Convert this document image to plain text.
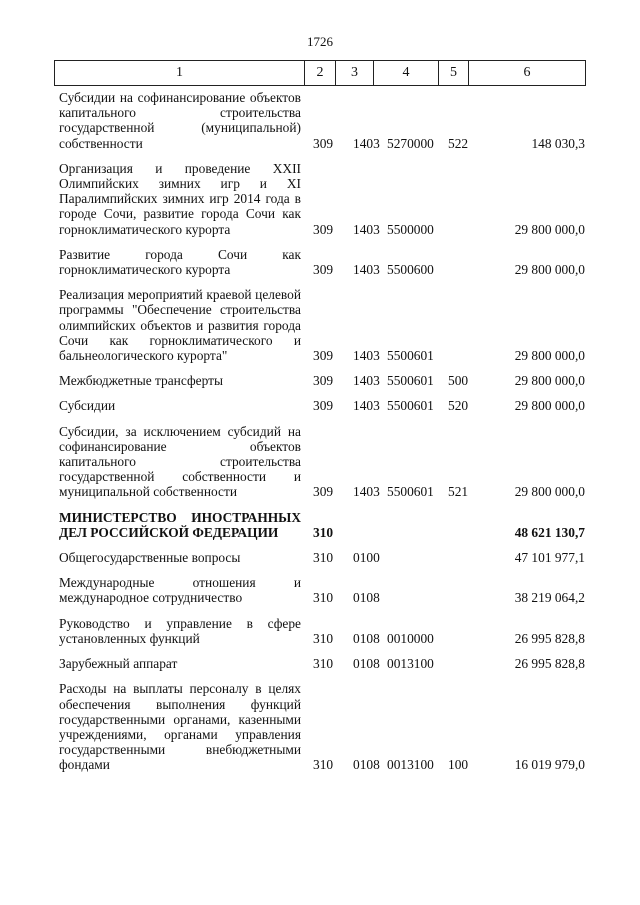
1726
1	2	3	4	5	6
Субсидии на софинансирование объектов капитального строительства государственной (муниципальной) собственности	309	1403	5270000	522	148 030,3

Организация и проведение XXII Олимпийских зимних игр и XI Паралимпийских зимних игр 2014 года в городе Сочи, развитие города Сочи как горноклиматического курорта	309	1403	5500000		29 800 000,0

Развитие города Сочи как горноклиматического курорта	309	1403	5500600		29 800 000,0

Реализация мероприятий краевой целевой программы "Обеспечение строительства олимпийских объектов и развития города Сочи как горноклиматического и бальнеологического курорта"	309	1403	5500601		29 800 000,0

Межбюджетные трансферты	309	1403	5500601	500	29 800 000,0

Субсидии	309	1403	5500601	520	29 800 000,0

Субсидии, за исключением субсидий на софинансирование объектов капитального строительства государственной собственности и муниципальной собственности	309	1403	5500601	521	29 800 000,0

МИНИСТЕРСТВО ИНОСТРАННЫХ ДЕЛ РОССИЙСКОЙ ФЕДЕРАЦИИ	310				48 621 130,7

Общегосударственные вопросы	310	0100			47 101 977,1

Международные отношения и международное сотрудничество	310	0108			38 219 064,2

Руководство и управление в сфере установленных функций	310	0108	0010000		26 995 828,8

Зарубежный аппарат	310	0108	0013100		26 995 828,8

Расходы на выплаты персоналу в целях обеспечения выполнения функций государственными органами, казенными учреждениями, органами управления государственными внебюджетными фондами	310	0108	0013100	100	16 019 979,0
